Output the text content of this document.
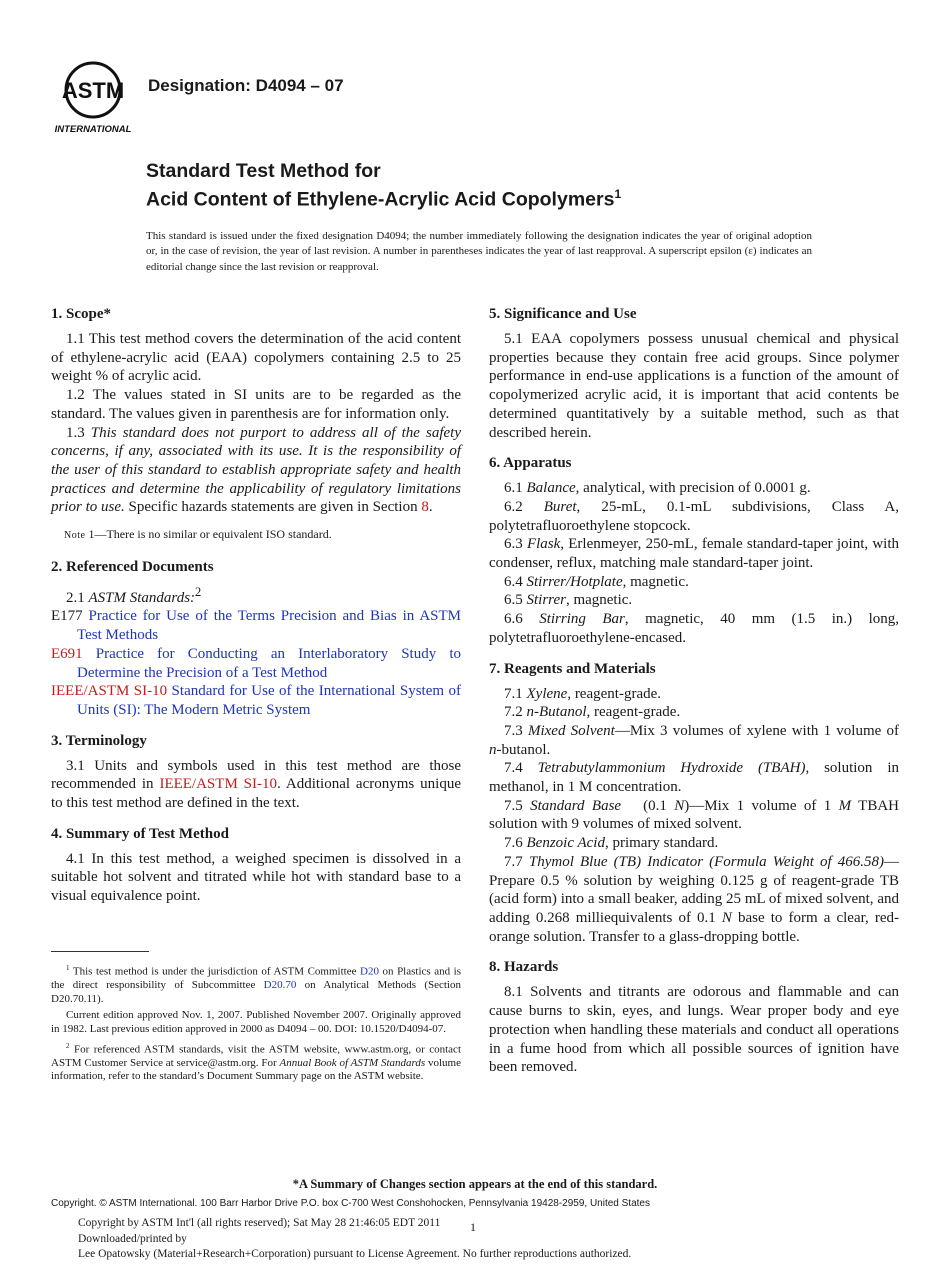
ASTM
INTERNATIONAL
Designation: D4094 – 07
Standard Test Method for
Acid Content of Ethylene-Acrylic Acid Copolymers$^1$
This standard is issued under the fixed designation D4094; the number immediately following the designation indicates the year of original adoption or, in the case of revision, the year of last revision. A number in parentheses indicates the year of last reapproval. A superscript epsilon (ε) indicates an editorial change since the last revision or reapproval.
1. Scope*

1.1 This test method covers the determination of the acid content of ethylene-acrylic acid (EAA) copolymers containing 2.5 to 25 weight % of acrylic acid.

1.2 The values stated in SI units are to be regarded as the standard. The values given in parenthesis are for information only.

1.3 This standard does not purport to address all of the safety concerns, if any, associated with its use. It is the responsibility of the user of this standard to establish appropriate safety and health practices and determine the applicability of regulatory limitations prior to use. Specific hazards statements are given in Section 8.

Note 1—There is no similar or equivalent ISO standard.

2. Referenced Documents

2.1 ASTM Standards:$^2$

E177 Practice for Use of the Terms Precision and Bias in ASTM Test Methods

E691 Practice for Conducting an Interlaboratory Study to Determine the Precision of a Test Method

IEEE/ASTM SI-10 Standard for Use of the International System of Units (SI): The Modern Metric System

3. Terminology

3.1 Units and symbols used in this test method are those recommended in IEEE/ASTM SI-10. Additional acronyms unique to this test method are defined in the text.

4. Summary of Test Method

4.1 In this test method, a weighed specimen is dissolved in a suitable hot solvent and titrated while hot with standard base to a visual equivalence point.

5. Significance and Use

5.1 EAA copolymers possess unusual chemical and physical properties because they contain free acid groups. Since polymer performance in end-use applications is a function of the amount of copolymerized acrylic acid, it is important that acid contents be determined quantitatively by a suitable method, such as that described herein.

6. Apparatus

6.1 Balance, analytical, with precision of 0.0001 g.

6.2 Buret, 25-mL, 0.1-mL subdivisions, Class A, polytetrafluoroethylene stopcock.

6.3 Flask, Erlenmeyer, 250-mL, female standard-taper joint, with condenser, reflux, matching male standard-taper joint.

6.4 Stirrer/Hotplate, magnetic.

6.5 Stirrer, magnetic.

6.6 Stirring Bar, magnetic, 40 mm (1.5 in.) long, polytetrafluoroethylene-encased.

7. Reagents and Materials

7.1 Xylene, reagent-grade.

7.2 n-Butanol, reagent-grade.

7.3 Mixed Solvent—Mix 3 volumes of xylene with 1 volume of n-butanol.

7.4 Tetrabutylammonium Hydroxide (TBAH), solution in methanol, in 1 M concentration.

7.5 Standard Base   (0.1 N)—Mix 1 volume of 1 M TBAH solution with 9 volumes of mixed solvent.

7.6 Benzoic Acid, primary standard.

7.7 Thymol Blue (TB) Indicator (Formula Weight of 466.58)—Prepare 0.5 % solution by weighing 0.125 g of reagent-grade TB (acid form) into a small beaker, adding 25 mL of mixed solvent, and adding 0.268 milliequivalents of 0.1 N base to form a clear, red-orange solution. Transfer to a glass-dropping bottle.

8. Hazards

8.1 Solvents and titrants are odorous and flammable and can cause burns to skin, eyes, and lungs. Wear proper body and eye protection when handling these materials and conduct all operations in a fume hood from which all possible sources of ignition have been removed.

$^1$ This test method is under the jurisdiction of ASTM Committee D20 on Plastics and is the direct responsibility of Subcommittee D20.70 on Analytical Methods (Section D20.70.11).

Current edition approved Nov. 1, 2007. Published November 2007. Originally approved in 1982. Last previous edition approved in 2000 as D4094 – 00. DOI: 10.1520/D4094-07.

$^2$ For referenced ASTM standards, visit the ASTM website, www.astm.org, or contact ASTM Customer Service at service@astm.org. For Annual Book of ASTM Standards volume information, refer to the standard’s Document Summary page on the ASTM website.

*A Summary of Changes section appears at the end of this standard.
Copyright. © ASTM International. 100 Barr Harbor Drive P.O. box C-700 West Conshohocken, Pennsylvania 19428-2959, United States
Copyright by ASTM Int'l (all rights reserved); Sat May 28 21:46:05 EDT 2011
Downloaded/printed by
Lee Opatowsky (Material+Research+Corporation) pursuant to License Agreement. No further reproductions authorized.
1
